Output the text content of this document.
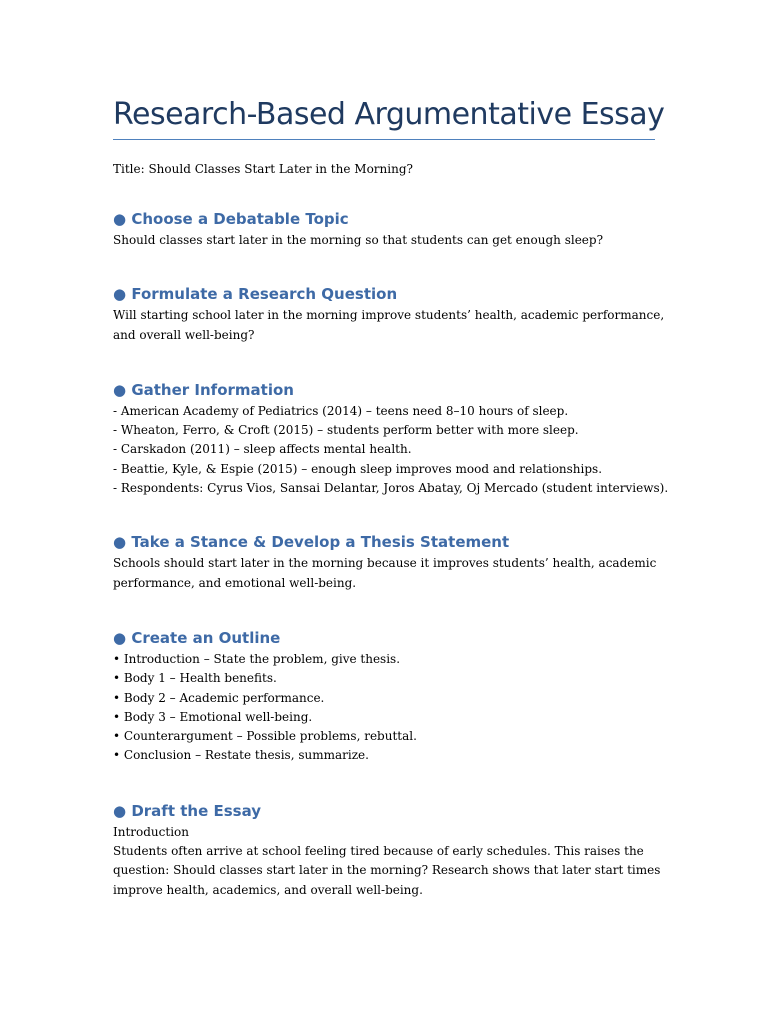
Research-Based Argumentative Essay

Title: Should Classes Start Later in the Morning?

● Choose a Debatable Topic

Should classes start later in the morning so that students can get enough sleep?

● Formulate a Research Question

Will starting school later in the morning improve students’ health, academic performance,

and overall well-being?

● Gather Information

- American Academy of Pediatrics (2014) – teens need 8–10 hours of sleep.

- Wheaton, Ferro, & Croft (2015) – students perform better with more sleep.

- Carskadon (2011) – sleep affects mental health.

- Beattie, Kyle, & Espie (2015) – enough sleep improves mood and relationships.

- Respondents: Cyrus Vios, Sansai Delantar, Joros Abatay, Oj Mercado (student interviews).

● Take a Stance & Develop a Thesis Statement

Schools should start later in the morning because it improves students’ health, academic

performance, and emotional well-being.

● Create an Outline

• Introduction – State the problem, give thesis.

• Body 1 – Health benefits.

• Body 2 – Academic performance.

• Body 3 – Emotional well-being.

• Counterargument – Possible problems, rebuttal.

• Conclusion – Restate thesis, summarize.

● Draft the Essay

Introduction

Students often arrive at school feeling tired because of early schedules. This raises the

question: Should classes start later in the morning? Research shows that later start times

improve health, academics, and overall well-being.
